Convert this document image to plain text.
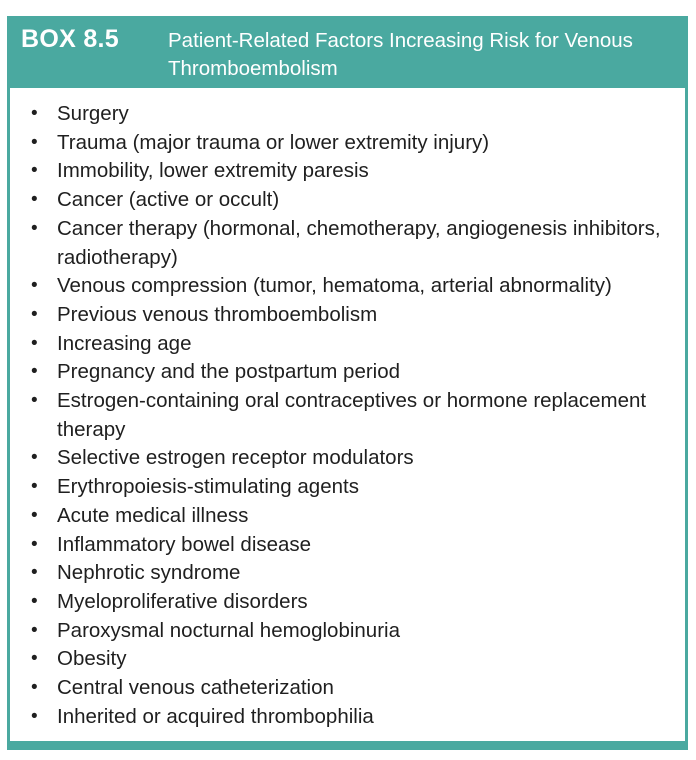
BOX 8.5 Patient-Related Factors Increasing Risk for Venous Thromboembolism
• Surgery
• Trauma (major trauma or lower extremity injury)
• Immobility, lower extremity paresis
• Cancer (active or occult)
• Cancer therapy (hormonal, chemotherapy, angiogenesis inhibitors, radiotherapy)
• Venous compression (tumor, hematoma, arterial abnormality)
• Previous venous thromboembolism
• Increasing age
• Pregnancy and the postpartum period
• Estrogen-containing oral contraceptives or hormone replacement therapy
• Selective estrogen receptor modulators
• Erythropoiesis-stimulating agents
• Acute medical illness
• Inflammatory bowel disease
• Nephrotic syndrome
• Myeloproliferative disorders
• Paroxysmal nocturnal hemoglobinuria
• Obesity
• Central venous catheterization
• Inherited or acquired thrombophilia
